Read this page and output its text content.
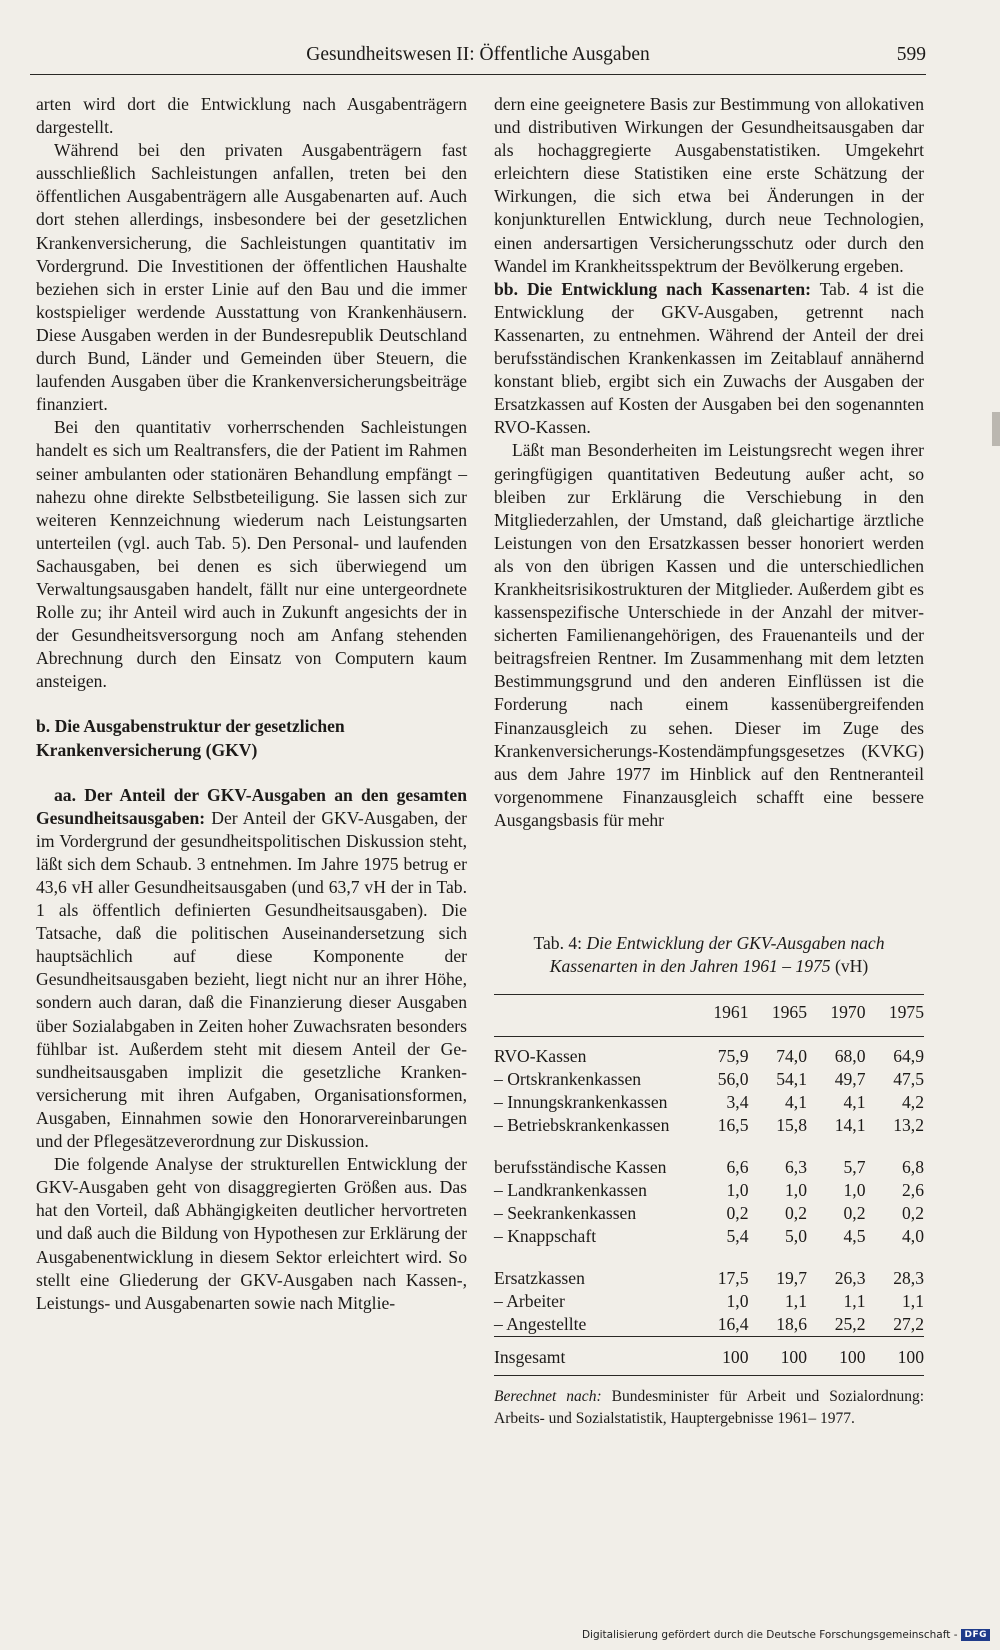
Gesundheitswesen II: Öffentliche Ausgaben	599

arten wird dort die Entwicklung nach Ausgabenträgern dargestellt.

Während bei den privaten Ausgabenträgern fast ausschließlich Sachleistungen anfallen, treten bei den öffentlichen Ausgabenträgern alle Ausgabenarten auf. Auch dort stehen allerdings, insbesondere bei der gesetzlichen Krankenversicherung, die Sachleistungen quantitativ im Vordergrund. Die Investitionen der öffentlichen Haushalte beziehen sich in erster Linie auf den Bau und die immer kostspieliger werdende Ausstattung von Krankenhäusern. Diese Ausgaben werden in der Bundesrepublik Deutschland durch Bund, Länder und Gemeinden über Steuern, die laufenden Ausgaben über die Krankenversicherungsbeiträge finanziert.

Bei den quantitativ vorherrschenden Sachleistungen handelt es sich um Realtransfers, die der Patient im Rahmen seiner ambulanten oder stationären Behandlung empfängt – nahezu ohne direkte Selbstbeteiligung. Sie lassen sich zur weiteren Kennzeichnung wiederum nach Leistungsarten unterteilen (vgl. auch Tab. 5). Den Personal- und laufenden Sachausgaben, bei denen es sich überwiegend um Verwaltungsausgaben handelt, fällt nur eine untergeordnete Rolle zu; ihr Anteil wird auch in Zukunft angesichts der in der Gesundheitsversorgung noch am Anfang stehenden Abrechnung durch den Einsatz von Computern kaum ansteigen.

b. Die Ausgabenstruktur der gesetzlichen Krankenversicherung (GKV)

aa. Der Anteil der GKV-Ausgaben an den gesamten Gesundheitsausgaben: Der Anteil der GKV-Ausgaben, der im Vordergrund der gesundheitspolitischen Diskussion steht, läßt sich dem Schaub. 3 entnehmen. Im Jahre 1975 betrug er 43,6 vH aller Gesundheitsausgaben (und 63,7 vH der in Tab. 1 als öffentlich definierten Gesundheitsausgaben). Die Tatsache, daß die politischen Auseinandersetzung sich hauptsächlich auf diese Komponente der Gesundheitsausgaben bezieht, liegt nicht nur an ihrer Höhe, sondern auch daran, daß die Finanzierung dieser Ausgaben über Sozialabgaben in Zeiten hoher Zuwachsraten besonders fühlbar ist. Außerdem steht mit diesem Anteil der Gesundheitsausgaben implizit die gesetzliche Krankenversicherung mit ihren Aufgaben, Organisationsformen, Ausgaben, Einnahmen sowie den Honorarvereinbarungen und der Pflegesätzeverordnung zur Diskussion.

Die folgende Analyse der strukturellen Entwicklung der GKV-Ausgaben geht von disaggregierten Größen aus. Das hat den Vorteil, daß Abhängigkeiten deutlicher hervortreten und daß auch die Bildung von Hypothesen zur Erklärung der Ausgabenentwicklung in diesem Sektor erleichtert wird. So stellt eine Gliederung der GKV-Ausgaben nach Kassen-, Leistungs- und Ausgabenarten sowie nach Mitglie-

dern eine geeignetere Basis zur Bestimmung von allokativen und distributiven Wirkungen der Gesundheitsausgaben dar als hochaggregierte Ausgabenstatistiken. Umgekehrt erleichtern diese Statistiken eine erste Schätzung der Wirkungen, die sich etwa bei Änderungen in der konjunkturellen Entwicklung, durch neue Technologien, einen andersartigen Versicherungsschutz oder durch den Wandel im Krankheitsspektrum der Bevölkerung ergeben.

bb. Die Entwicklung nach Kassenarten: Tab. 4 ist die Entwicklung der GKV-Ausgaben, getrennt nach Kassenarten, zu entnehmen. Während der Anteil der drei berufsständischen Krankenkassen im Zeitablauf annähernd konstant blieb, ergibt sich ein Zuwachs der Ausgaben der Ersatzkassen auf Kosten der Ausgaben bei den sogenannten RVO-Kassen.

Läßt man Besonderheiten im Leistungsrecht wegen ihrer geringfügigen quantitativen Bedeutung außer acht, so bleiben zur Erklärung die Verschiebung in den Mitgliederzahlen, der Umstand, daß gleichartige ärztliche Leistungen von den Ersatzkassen besser honoriert werden als von den übrigen Kassen und die unterschiedlichen Krankheitsrisikostrukturen der Mitglieder. Außerdem gibt es kassenspezifische Unterschiede in der Anzahl der mitversicherten Familienangehörigen, des Frauenanteils und der beitragsfreien Rentner. Im Zusammenhang mit dem letzten Bestimmungsgrund und den anderen Einflüssen ist die Forderung nach einem kassenübergreifenden Finanzausgleich zu sehen. Dieser im Zuge des Krankenversicherungs-Kostendämpfungsgesetzes (KVKG) aus dem Jahre 1977 im Hinblick auf den Rentneranteil vorgenommene Finanzausgleich schafft eine bessere Ausgangsbasis für mehr

Tab. 4: Die Entwicklung der GKV-Ausgaben nach
Kassenarten in den Jahren 1961 – 1975 (vH)
	1961	1965	1970	1975
RVO-Kassen	75,9	74,0	68,0	64,9
– Ortskrankenkassen	56,0	54,1	49,7	47,5
– Innungskrankenkassen	3,4	4,1	4,1	4,2
– Betriebskrankenkassen	16,5	15,8	14,1	13,2
berufsständische Kassen	6,6	6,3	5,7	6,8
– Landkrankenkassen	1,0	1,0	1,0	2,6
– Seekrankenkassen	0,2	0,2	0,2	0,2
– Knappschaft	5,4	5,0	4,5	4,0
Ersatzkassen	17,5	19,7	26,3	28,3
– Arbeiter	1,0	1,1	1,1	1,1
– Angestellte	16,4	18,6	25,2	27,2
Insgesamt	100	100	100	100
Berechnet nach: Bundesminister für Arbeit und Sozialordnung: Arbeits- und Sozialstatistik, Hauptergebnisse 1961– 1977.
Digitalisierung gefördert durch die Deutsche Forschungsgemeinschaft - DFG
